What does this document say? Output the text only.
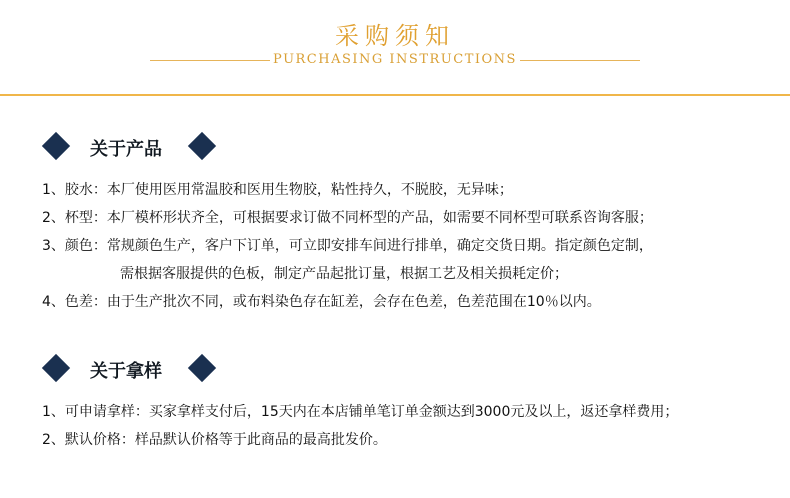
采购须知
PURCHASING INSTRUCTIONS
关于产品
1、胶水：本厂使用医用常温胶和医用生物胶，粘性持久，不脱胶，无异味；
2、杯型：本厂模杯形状齐全，可根据要求订做不同杯型的产品，如需要不同杯型可联系咨询客服；
3、颜色：常规颜色生产，客户下订单，可立即安排车间进行排单，确定交货日期。指定颜色定制，
需根据客服提供的色板，制定产品起批订量，根据工艺及相关损耗定价；
4、色差：由于生产批次不同，或布料染色存在缸差，会存在色差，色差范围在10％以内。
关于拿样
1、可申请拿样：买家拿样支付后，15天内在本店铺单笔订单金额达到3000元及以上，返还拿样费用；
2、默认价格：样品默认价格等于此商品的最高批发价。
